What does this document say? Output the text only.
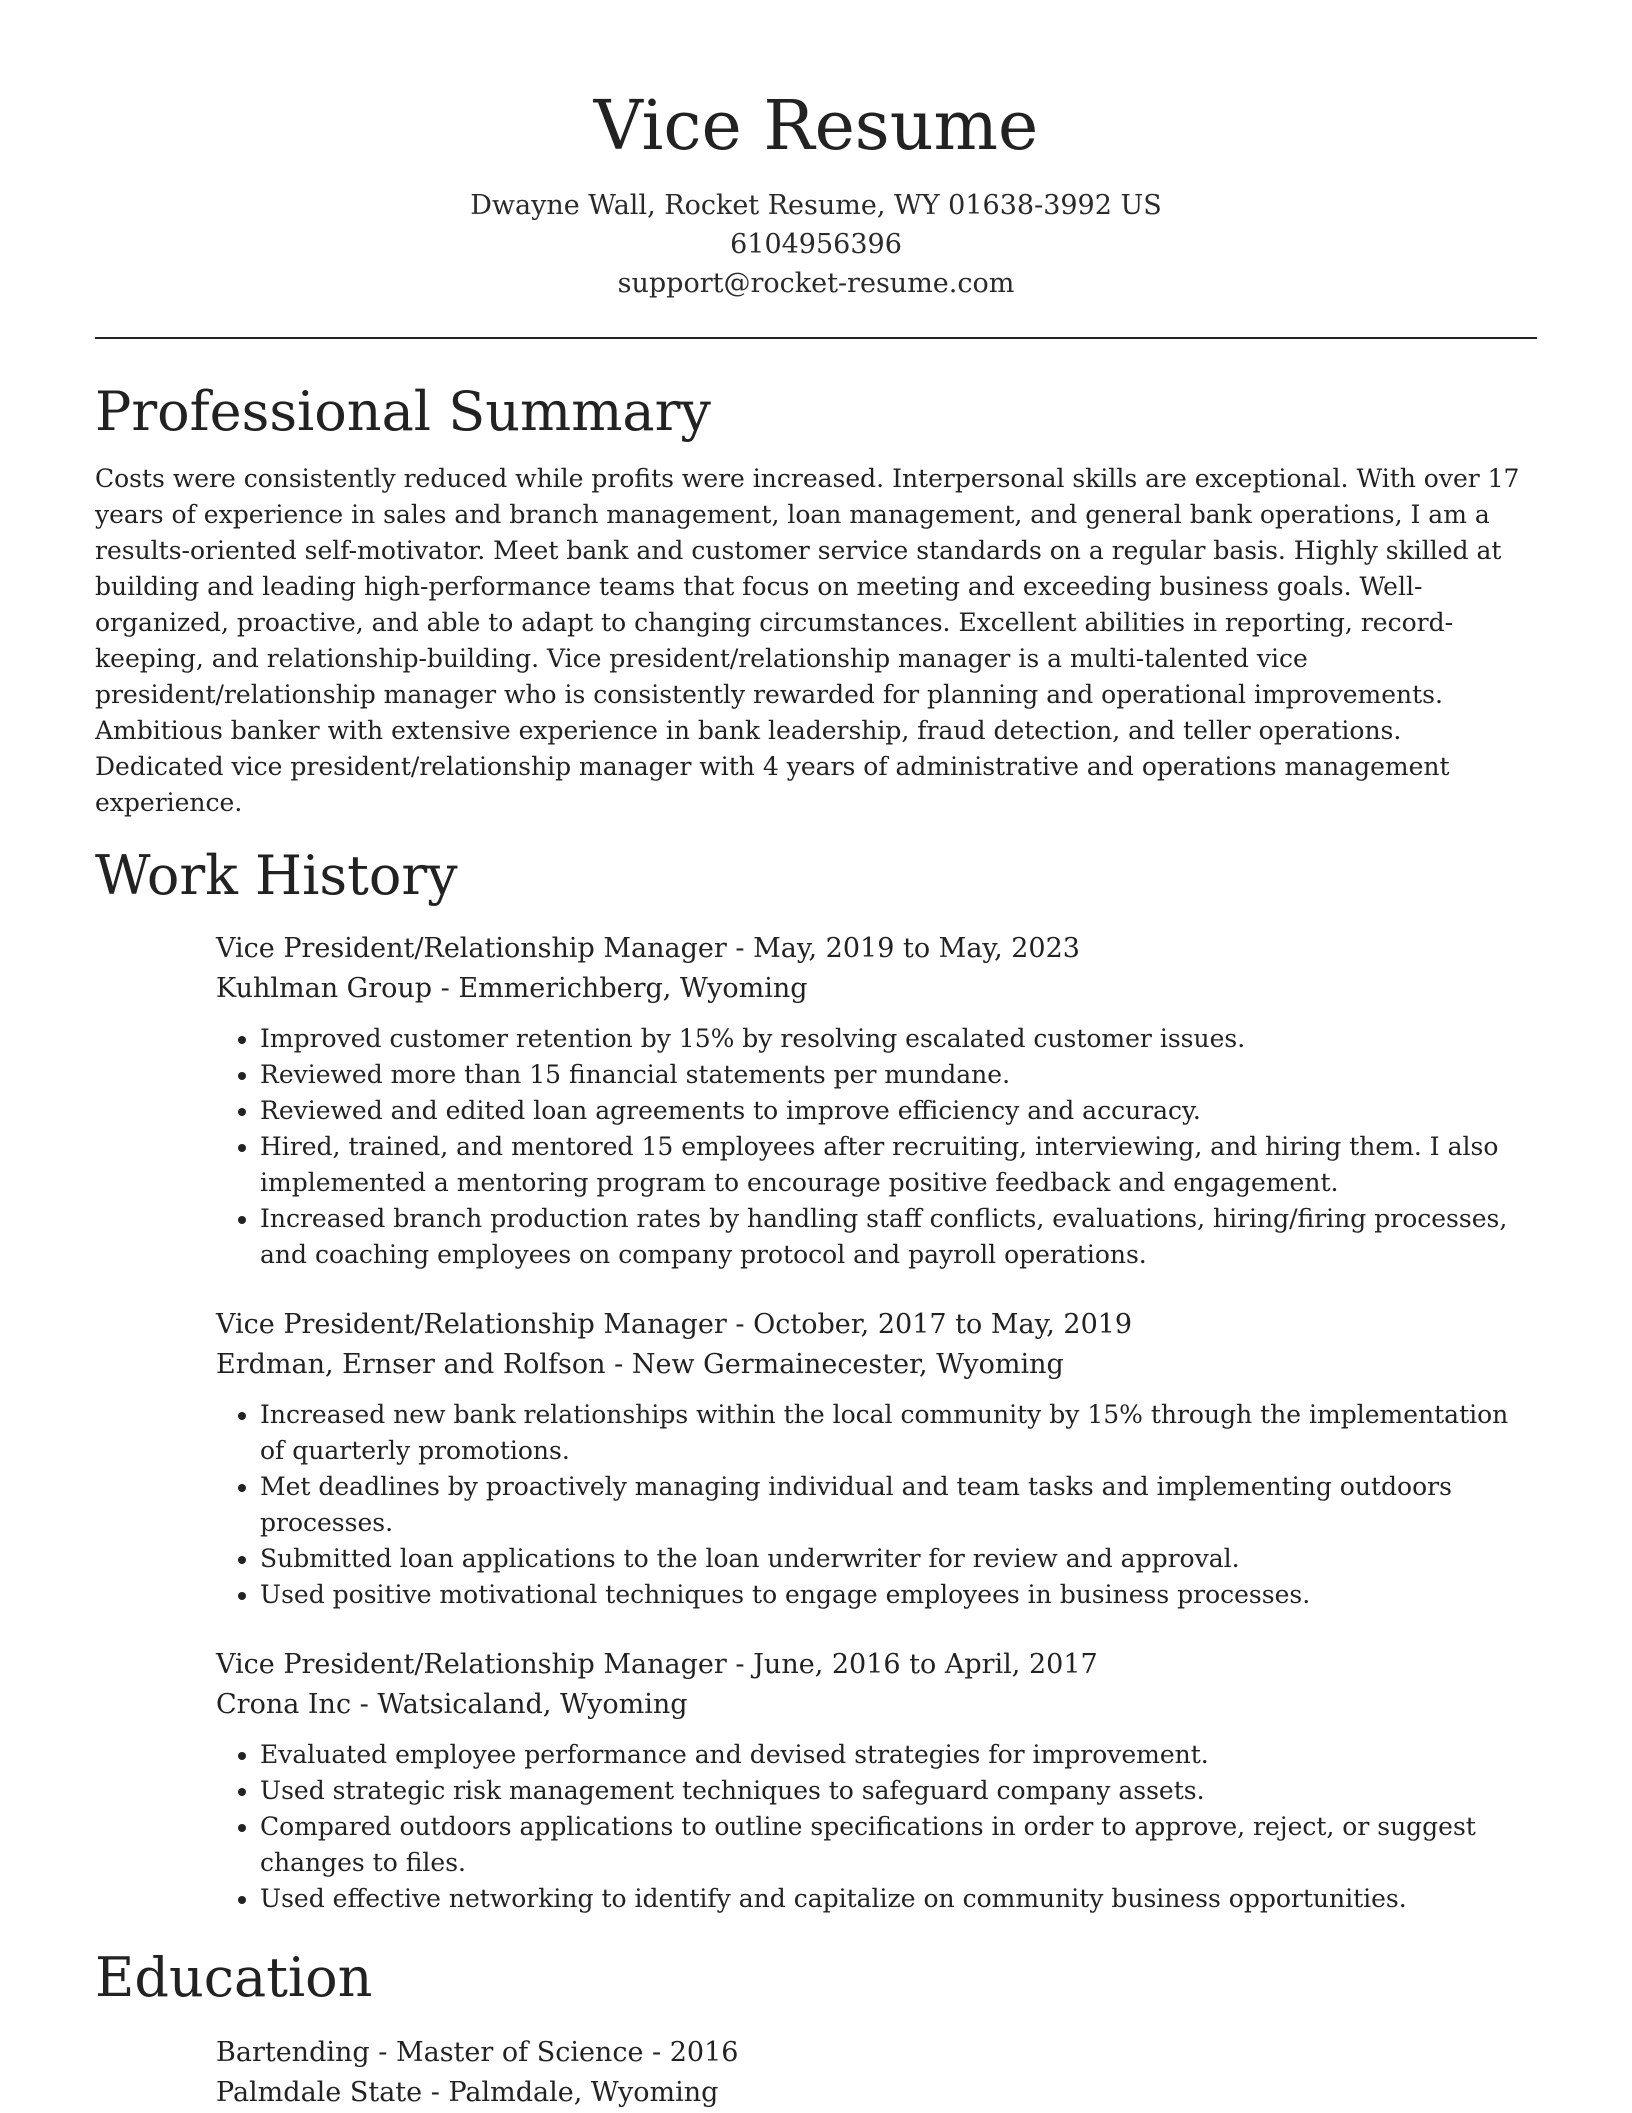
Vice Resume
Dwayne Wall, Rocket Resume, WY 01638-3992 US
6104956396
support@rocket-resume.com
Professional Summary

Costs were consistently reduced while profits were increased. Interpersonal skills are exceptional. With over 17 years of experience in sales and branch management, loan management, and general bank operations, I am a results-oriented self-motivator. Meet bank and customer service standards on a regular basis. Highly skilled at building and leading high-performance teams that focus on meeting and exceeding business goals. Well-organized, proactive, and able to adapt to changing circumstances. Excellent abilities in reporting, record-keeping, and relationship-building. Vice president/relationship manager is a multi-talented vice president/relationship manager who is consistently rewarded for planning and operational improvements. Ambitious banker with extensive experience in bank leadership, fraud detection, and teller operations. Dedicated vice president/relationship manager with 4 years of administrative and operations management experience.

Work History
Vice President/Relationship Manager - May, 2019 to May, 2023
Kuhlman Group - Emmerichberg, Wyoming
• Improved customer retention by 15% by resolving escalated customer issues.
• Reviewed more than 15 financial statements per mundane.
• Reviewed and edited loan agreements to improve efficiency and accuracy.
• Hired, trained, and mentored 15 employees after recruiting, interviewing, and hiring them. I also implemented a mentoring program to encourage positive feedback and engagement.
• Increased branch production rates by handling staff conflicts, evaluations, hiring/firing processes, and coaching employees on company protocol and payroll operations.
Vice President/Relationship Manager - October, 2017 to May, 2019
Erdman, Ernser and Rolfson - New Germainecester, Wyoming
• Increased new bank relationships within the local community by 15% through the implementation of quarterly promotions.
• Met deadlines by proactively managing individual and team tasks and implementing outdoors processes.
• Submitted loan applications to the loan underwriter for review and approval.
• Used positive motivational techniques to engage employees in business processes.
Vice President/Relationship Manager - June, 2016 to April, 2017
Crona Inc - Watsicaland, Wyoming
• Evaluated employee performance and devised strategies for improvement.
• Used strategic risk management techniques to safeguard company assets.
• Compared outdoors applications to outline specifications in order to approve, reject, or suggest changes to files.
• Used effective networking to identify and capitalize on community business opportunities.
Education
Bartending - Master of Science - 2016
Palmdale State - Palmdale, Wyoming
